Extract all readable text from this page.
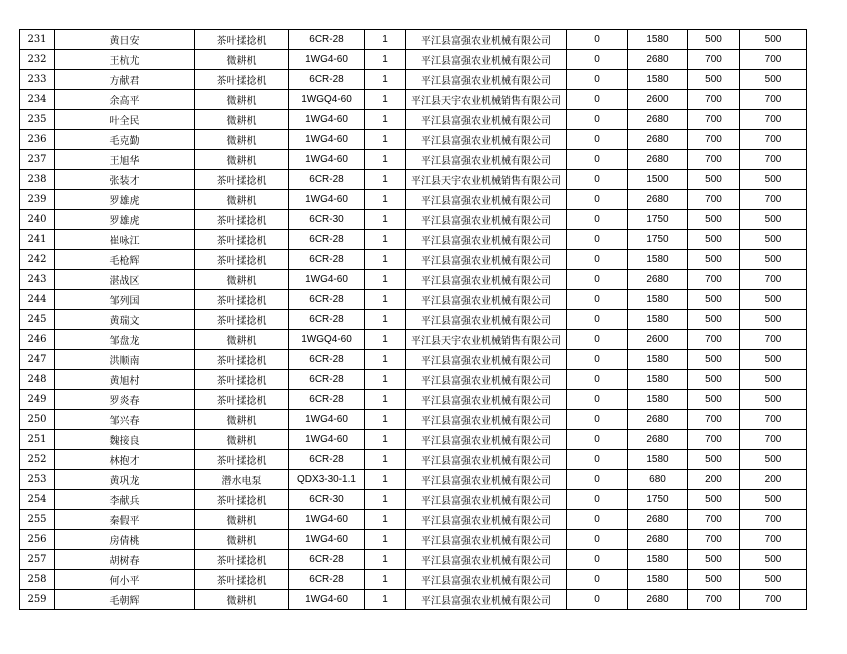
231	黄日安	茶叶揉捻机	6CR-28	1	平江县富强农业机械有限公司	0	1580	500	500
232	王杭尤	微耕机	1WG4-60	1	平江县富强农业机械有限公司	0	2680	700	700
233	方献君	茶叶揉捻机	6CR-28	1	平江县富强农业机械有限公司	0	1580	500	500
234	余高平	微耕机	1WGQ4-60	1	平江县天宇农业机械销售有限公司	0	2600	700	700
235	叶全民	微耕机	1WG4-60	1	平江县富强农业机械有限公司	0	2680	700	700
236	毛克勤	微耕机	1WG4-60	1	平江县富强农业机械有限公司	0	2680	700	700
237	王旭华	微耕机	1WG4-60	1	平江县富强农业机械有限公司	0	2680	700	700
238	张装才	茶叶揉捻机	6CR-28	1	平江县天宇农业机械销售有限公司	0	1500	500	500
239	罗雄虎	微耕机	1WG4-60	1	平江县富强农业机械有限公司	0	2680	700	700
240	罗雄虎	茶叶揉捻机	6CR-30	1	平江县富强农业机械有限公司	0	1750	500	500
241	崔咏江	茶叶揉捻机	6CR-28	1	平江县富强农业机械有限公司	0	1750	500	500
242	毛枪辉	茶叶揉捻机	6CR-28	1	平江县富强农业机械有限公司	0	1580	500	500
243	湛战区	微耕机	1WG4-60	1	平江县富强农业机械有限公司	0	2680	700	700
244	邹列国	茶叶揉捻机	6CR-28	1	平江县富强农业机械有限公司	0	1580	500	500
245	黄瑞文	茶叶揉捻机	6CR-28	1	平江县富强农业机械有限公司	0	1580	500	500
246	邹盘龙	微耕机	1WGQ4-60	1	平江县天宇农业机械销售有限公司	0	2600	700	700
247	洪顺南	茶叶揉捻机	6CR-28	1	平江县富强农业机械有限公司	0	1580	500	500
248	黄旭村	茶叶揉捻机	6CR-28	1	平江县富强农业机械有限公司	0	1580	500	500
249	罗炎春	茶叶揉捻机	6CR-28	1	平江县富强农业机械有限公司	0	1580	500	500
250	邹兴春	微耕机	1WG4-60	1	平江县富强农业机械有限公司	0	2680	700	700
251	魏接良	微耕机	1WG4-60	1	平江县富强农业机械有限公司	0	2680	700	700
252	林抱才	茶叶揉捻机	6CR-28	1	平江县富强农业机械有限公司	0	1580	500	500
253	黄巩龙	潜水电泵	QDX3-30-1.1	1	平江县富强农业机械有限公司	0	680	200	200
254	李献兵	茶叶揉捻机	6CR-30	1	平江县富强农业机械有限公司	0	1750	500	500
255	秦假平	微耕机	1WG4-60	1	平江县富强农业机械有限公司	0	2680	700	700
256	房倩桃	微耕机	1WG4-60	1	平江县富强农业机械有限公司	0	2680	700	700
257	胡树春	茶叶揉捻机	6CR-28	1	平江县富强农业机械有限公司	0	1580	500	500
258	何小平	茶叶揉捻机	6CR-28	1	平江县富强农业机械有限公司	0	1580	500	500
259	毛朝辉	微耕机	1WG4-60	1	平江县富强农业机械有限公司	0	2680	700	700
